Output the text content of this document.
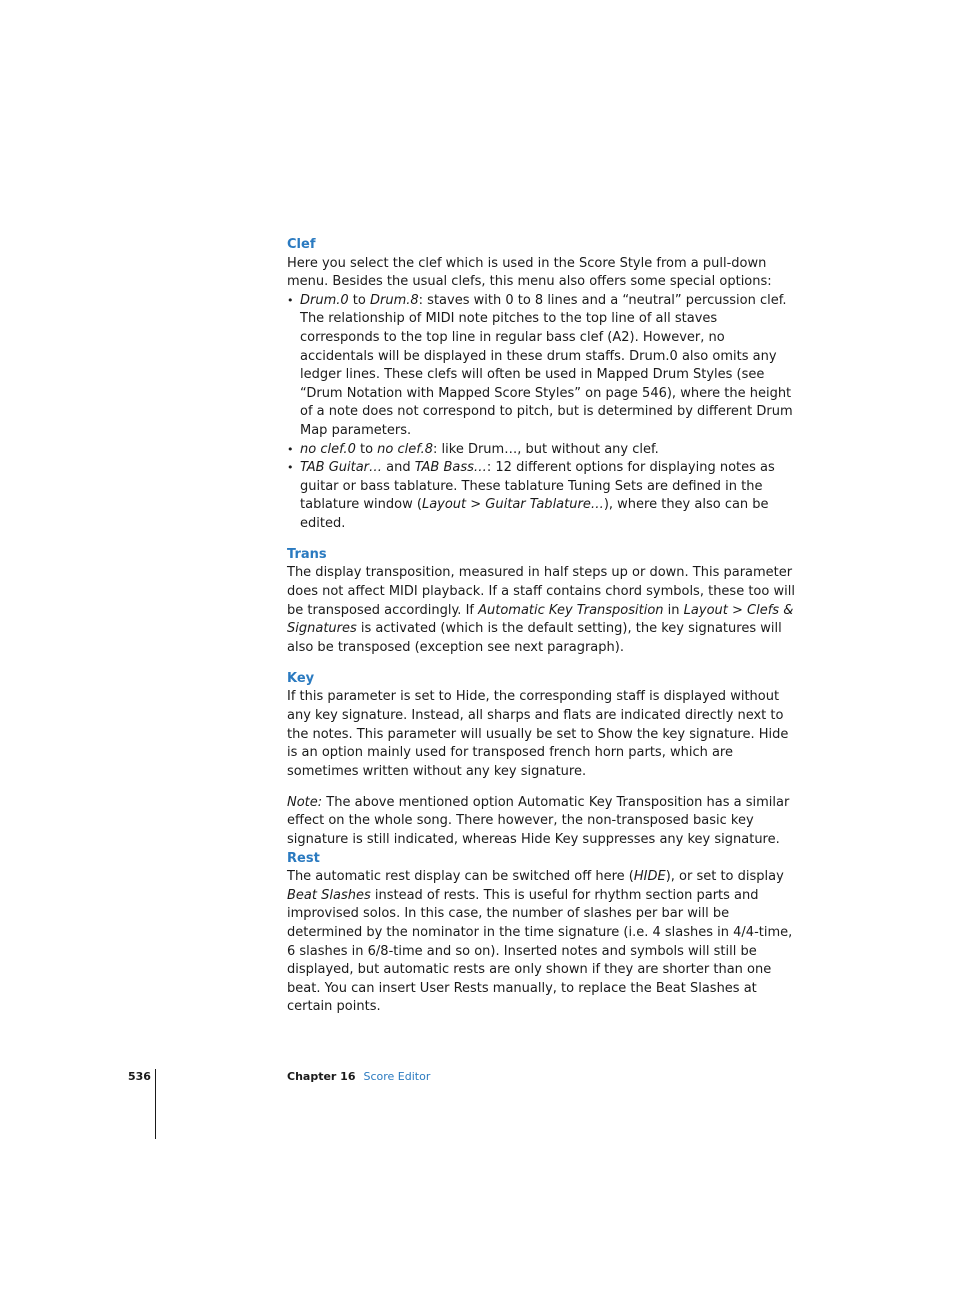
Clef

Here you select the clef which is used in the Score Style from a pull-down menu. Besides the usual clefs, this menu also offers some special options:

• Drum.0 to Drum.8: staves with 0 to 8 lines and a “neutral” percussion clef. The relationship of MIDI note pitches to the top line of all staves corresponds to the top line in regular bass clef (A2). However, no accidentals will be displayed in these drum staffs. Drum.0 also omits any ledger lines. These clefs will often be used in Mapped Drum Styles (see “Drum Notation with Mapped Score Styles” on page 546), where the height of a note does not correspond to pitch, but is determined by different Drum Map parameters.
• no clef.0 to no clef.8: like Drum…, but without any clef.
• TAB Guitar… and TAB Bass…: 12 different options for displaying notes as guitar or bass tablature. These tablature Tuning Sets are defined in the tablature window (Layout > Guitar Tablature…), where they also can be edited.

Trans

The display transposition, measured in half steps up or down. This parameter does not affect MIDI playback. If a staff contains chord symbols, these too will be transposed accordingly. If Automatic Key Transposition in Layout > Clefs & Signatures is activated (which is the default setting), the key signatures will also be transposed (exception see next paragraph).

Key

If this parameter is set to Hide, the corresponding staff is displayed without any key signature. Instead, all sharps and flats are indicated directly next to the notes. This parameter will usually be set to Show the key signature. Hide is an option mainly used for transposed french horn parts, which are sometimes written without any key signature.

Note: The above mentioned option Automatic Key Transposition has a similar effect on the whole song. There however, the non-transposed basic key signature is still indicated, whereas Hide Key suppresses any key signature.

Rest

The automatic rest display can be switched off here (HIDE), or set to display Beat Slashes instead of rests. This is useful for rhythm section parts and improvised solos. In this case, the number of slashes per bar will be determined by the nominator in the time signature (i.e. 4 slashes in 4/4-time, 6 slashes in 6/8-time and so on). Inserted notes and symbols will still be displayed, but automatic rests are only shown if they are shorter than one beat. You can insert User Rests manually, to replace the Beat Slashes at certain points.

536	Chapter 16 Score Editor
